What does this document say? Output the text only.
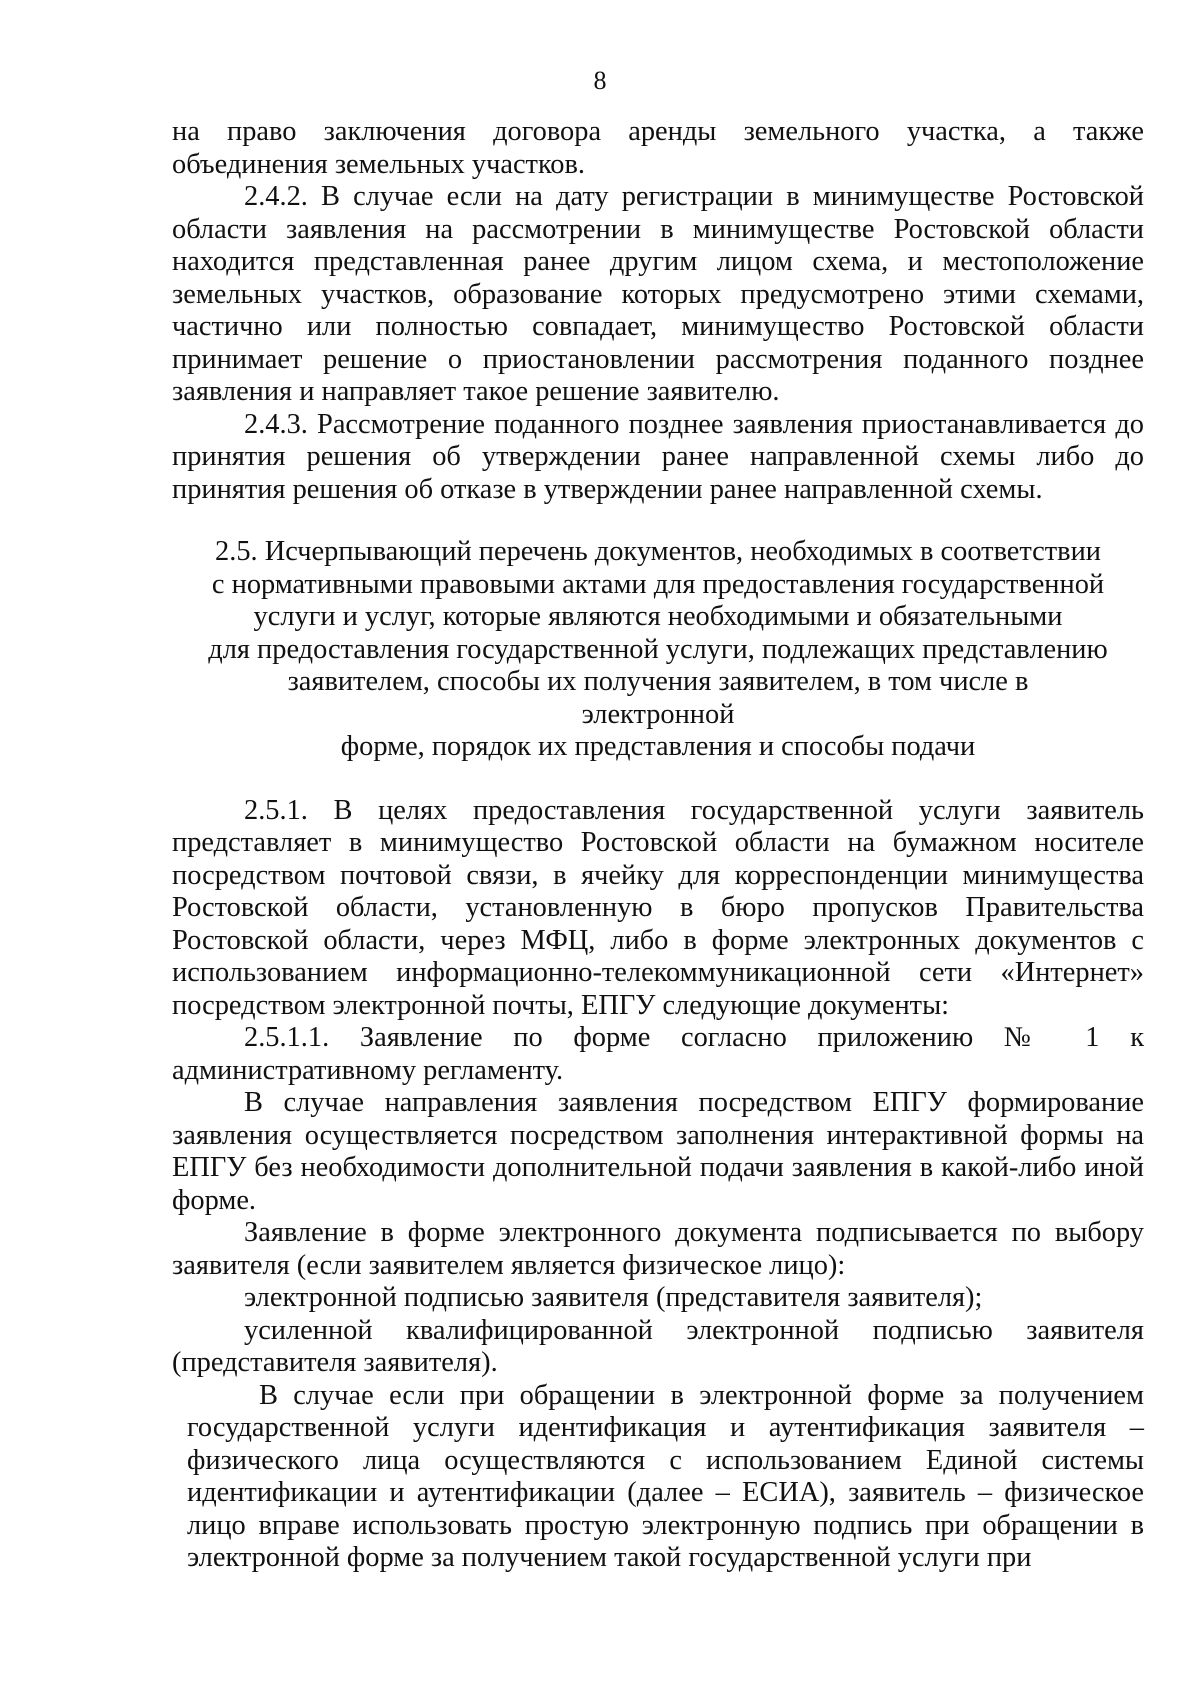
8

на право заключения договора аренды земельного участка, а также объединения земельных участков.

2.4.2. В случае если на дату регистрации в минимуществе Ростовской области заявления на рассмотрении в минимуществе Ростовской области находится представленная ранее другим лицом схема, и местоположение земельных участков, образование которых предусмотрено этими схемами, частично или полностью совпадает, минимущество Ростовской области принимает решение о приостановлении рассмотрения поданного позднее заявления и направляет такое решение заявителю.

2.4.3. Рассмотрение поданного позднее заявления приостанавливается до принятия решения об утверждении ранее направленной схемы либо до принятия решения об отказе в утверждении ранее направленной схемы.

2.5. Исчерпывающий перечень документов, необходимых в соответствии
с нормативными правовыми актами для предоставления государственной
услуги и услуг, которые являются необходимыми и обязательными
для предоставления государственной услуги, подлежащих представлению
заявителем, способы их получения заявителем, в том числе в электронной
форме, порядок их представления и способы подачи

2.5.1. В целях предоставления государственной услуги заявитель представляет в минимущество Ростовской области на бумажном носителе посредством почтовой связи, в ячейку для корреспонденции минимущества Ростовской области, установленную в бюро пропусков Правительства Ростовской области, через МФЦ, либо в форме электронных документов с использованием информационно-телекоммуникационной сети «Интернет» посредством электронной почты, ЕПГУ следующие документы:

2.5.1.1. Заявление по форме согласно приложению № 1 к административному регламенту.

В случае направления заявления посредством ЕПГУ формирование заявления осуществляется посредством заполнения интерактивной формы на ЕПГУ без необходимости дополнительной подачи заявления в какой-либо иной форме.

Заявление в форме электронного документа подписывается по выбору заявителя (если заявителем является физическое лицо):

электронной подписью заявителя (представителя заявителя);

усиленной квалифицированной электронной подписью заявителя (представителя заявителя).

В случае если при обращении в электронной форме за получением государственной услуги идентификация и аутентификация заявителя – физического лица осуществляются с использованием Единой системы идентификации и аутентификации (далее – ЕСИА), заявитель – физическое лицо вправе использовать простую электронную подпись при обращении в электронной форме за получением такой государственной услуги при
